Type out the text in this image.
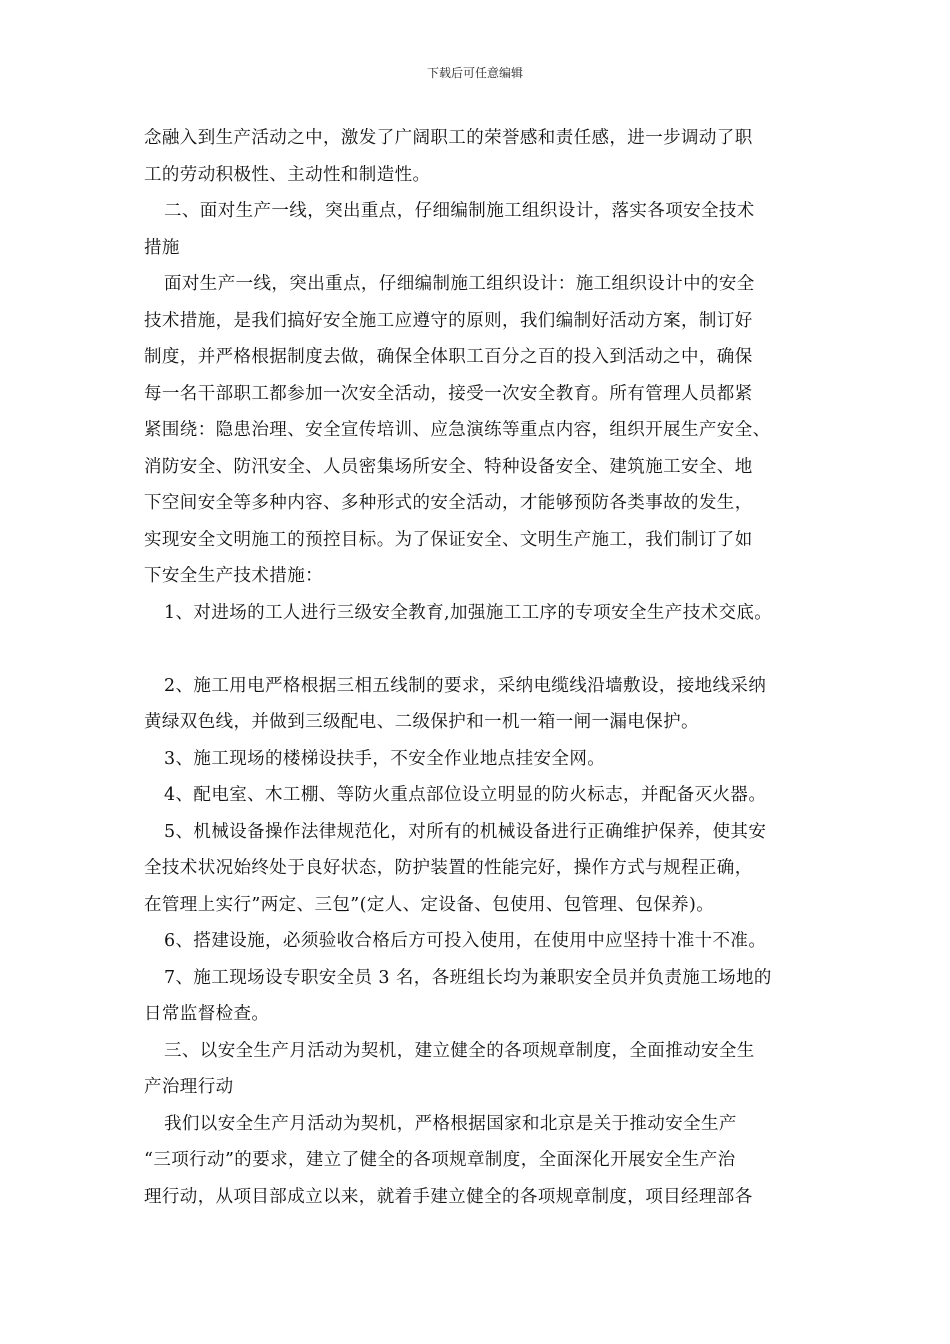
下载后可任意编辑
念融入到生产活动之中，激发了广阔职工的荣誉感和责任感，进一步调动了职
工的劳动积极性、主动性和制造性。
二、面对生产一线，突出重点，仔细编制施工组织设计，落实各项安全技术
措施
面对生产一线，突出重点，仔细编制施工组织设计：施工组织设计中的安全
技术措施，是我们搞好安全施工应遵守的原则，我们编制好活动方案，制订好
制度，并严格根据制度去做，确保全体职工百分之百的投入到活动之中，确保
每一名干部职工都参加一次安全活动，接受一次安全教育。所有管理人员都紧
紧围绕：隐患治理、安全宣传培训、应急演练等重点内容，组织开展生产安全、
消防安全、防汛安全、人员密集场所安全、特种设备安全、建筑施工安全、地
下空间安全等多种内容、多种形式的安全活动，才能够预防各类事故的发生，
实现安全文明施工的预控目标。为了保证安全、文明生产施工，我们制订了如
下安全生产技术措施：
1、对进场的工人进行三级安全教育,加强施工工序的专项安全生产技术交底。
2、施工用电严格根据三相五线制的要求，采纳电缆线沿墙敷设，接地线采纳
黄绿双色线，并做到三级配电、二级保护和一机一箱一闸一漏电保护。
3、施工现场的楼梯设扶手，不安全作业地点挂安全网。
4、配电室、木工棚、等防火重点部位设立明显的防火标志，并配备灭火器。
5、机械设备操作法律规范化，对所有的机械设备进行正确维护保养，使其安
全技术状况始终处于良好状态，防护装置的性能完好，操作方式与规程正确，
在管理上实行”两定、三包”(定人、定设备、包使用、包管理、包保养)。
6、搭建设施，必须验收合格后方可投入使用，在使用中应坚持十准十不准。
7、施工现场设专职安全员 3 名，各班组长均为兼职安全员并负责施工场地的
日常监督检查。
三、以安全生产月活动为契机，建立健全的各项规章制度，全面推动安全生
产治理行动
我们以安全生产月活动为契机，严格根据国家和北京是关于推动安全生产
“三项行动”的要求，建立了健全的各项规章制度，全面深化开展安全生产治
理行动，从项目部成立以来，就着手建立健全的各项规章制度，项目经理部各
